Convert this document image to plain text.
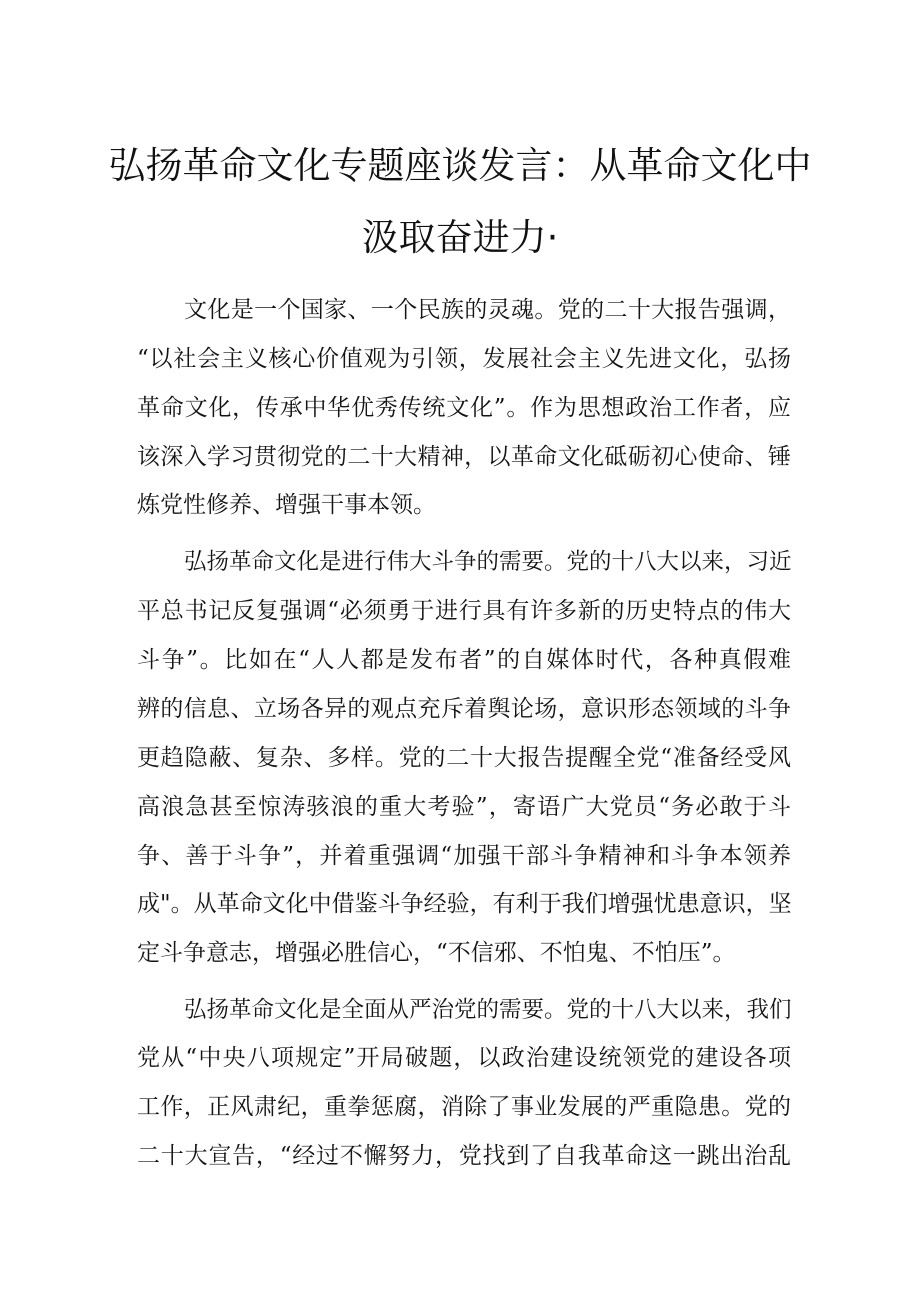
弘扬革命文化专题座谈发言：从革命文化中
汲取奋进力·
文化是一个国家、一个民族的灵魂。党的二十大报告强调，
“以社会主义核心价值观为引领，发展社会主义先进文化，弘扬
革命文化，传承中华优秀传统文化”。作为思想政治工作者，应
该深入学习贯彻党的二十大精神，以革命文化砥砺初心使命、锤
炼党性修养、增强干事本领。
弘扬革命文化是进行伟大斗争的需要。党的十八大以来，习近
平总书记反复强调“必须勇于进行具有许多新的历史特点的伟大
斗争”。比如在“人人都是发布者”的自媒体时代，各种真假难
辨的信息、立场各异的观点充斥着舆论场，意识形态领域的斗争
更趋隐蔽、复杂、多样。党的二十大报告提醒全党“准备经受风
高浪急甚至惊涛骇浪的重大考验”，寄语广大党员“务必敢于斗
争、善于斗争”，并着重强调“加强干部斗争精神和斗争本领养
成"。从革命文化中借鉴斗争经验，有利于我们增强忧患意识，坚
定斗争意志，增强必胜信心，“不信邪、不怕鬼、不怕压”。
弘扬革命文化是全面从严治党的需要。党的十八大以来，我们
党从“中央八项规定”开局破题，以政治建设统领党的建设各项
工作，正风肃纪，重拳惩腐，消除了事业发展的严重隐患。党的
二十大宣告，“经过不懈努力，党找到了自我革命这一跳出治乱
